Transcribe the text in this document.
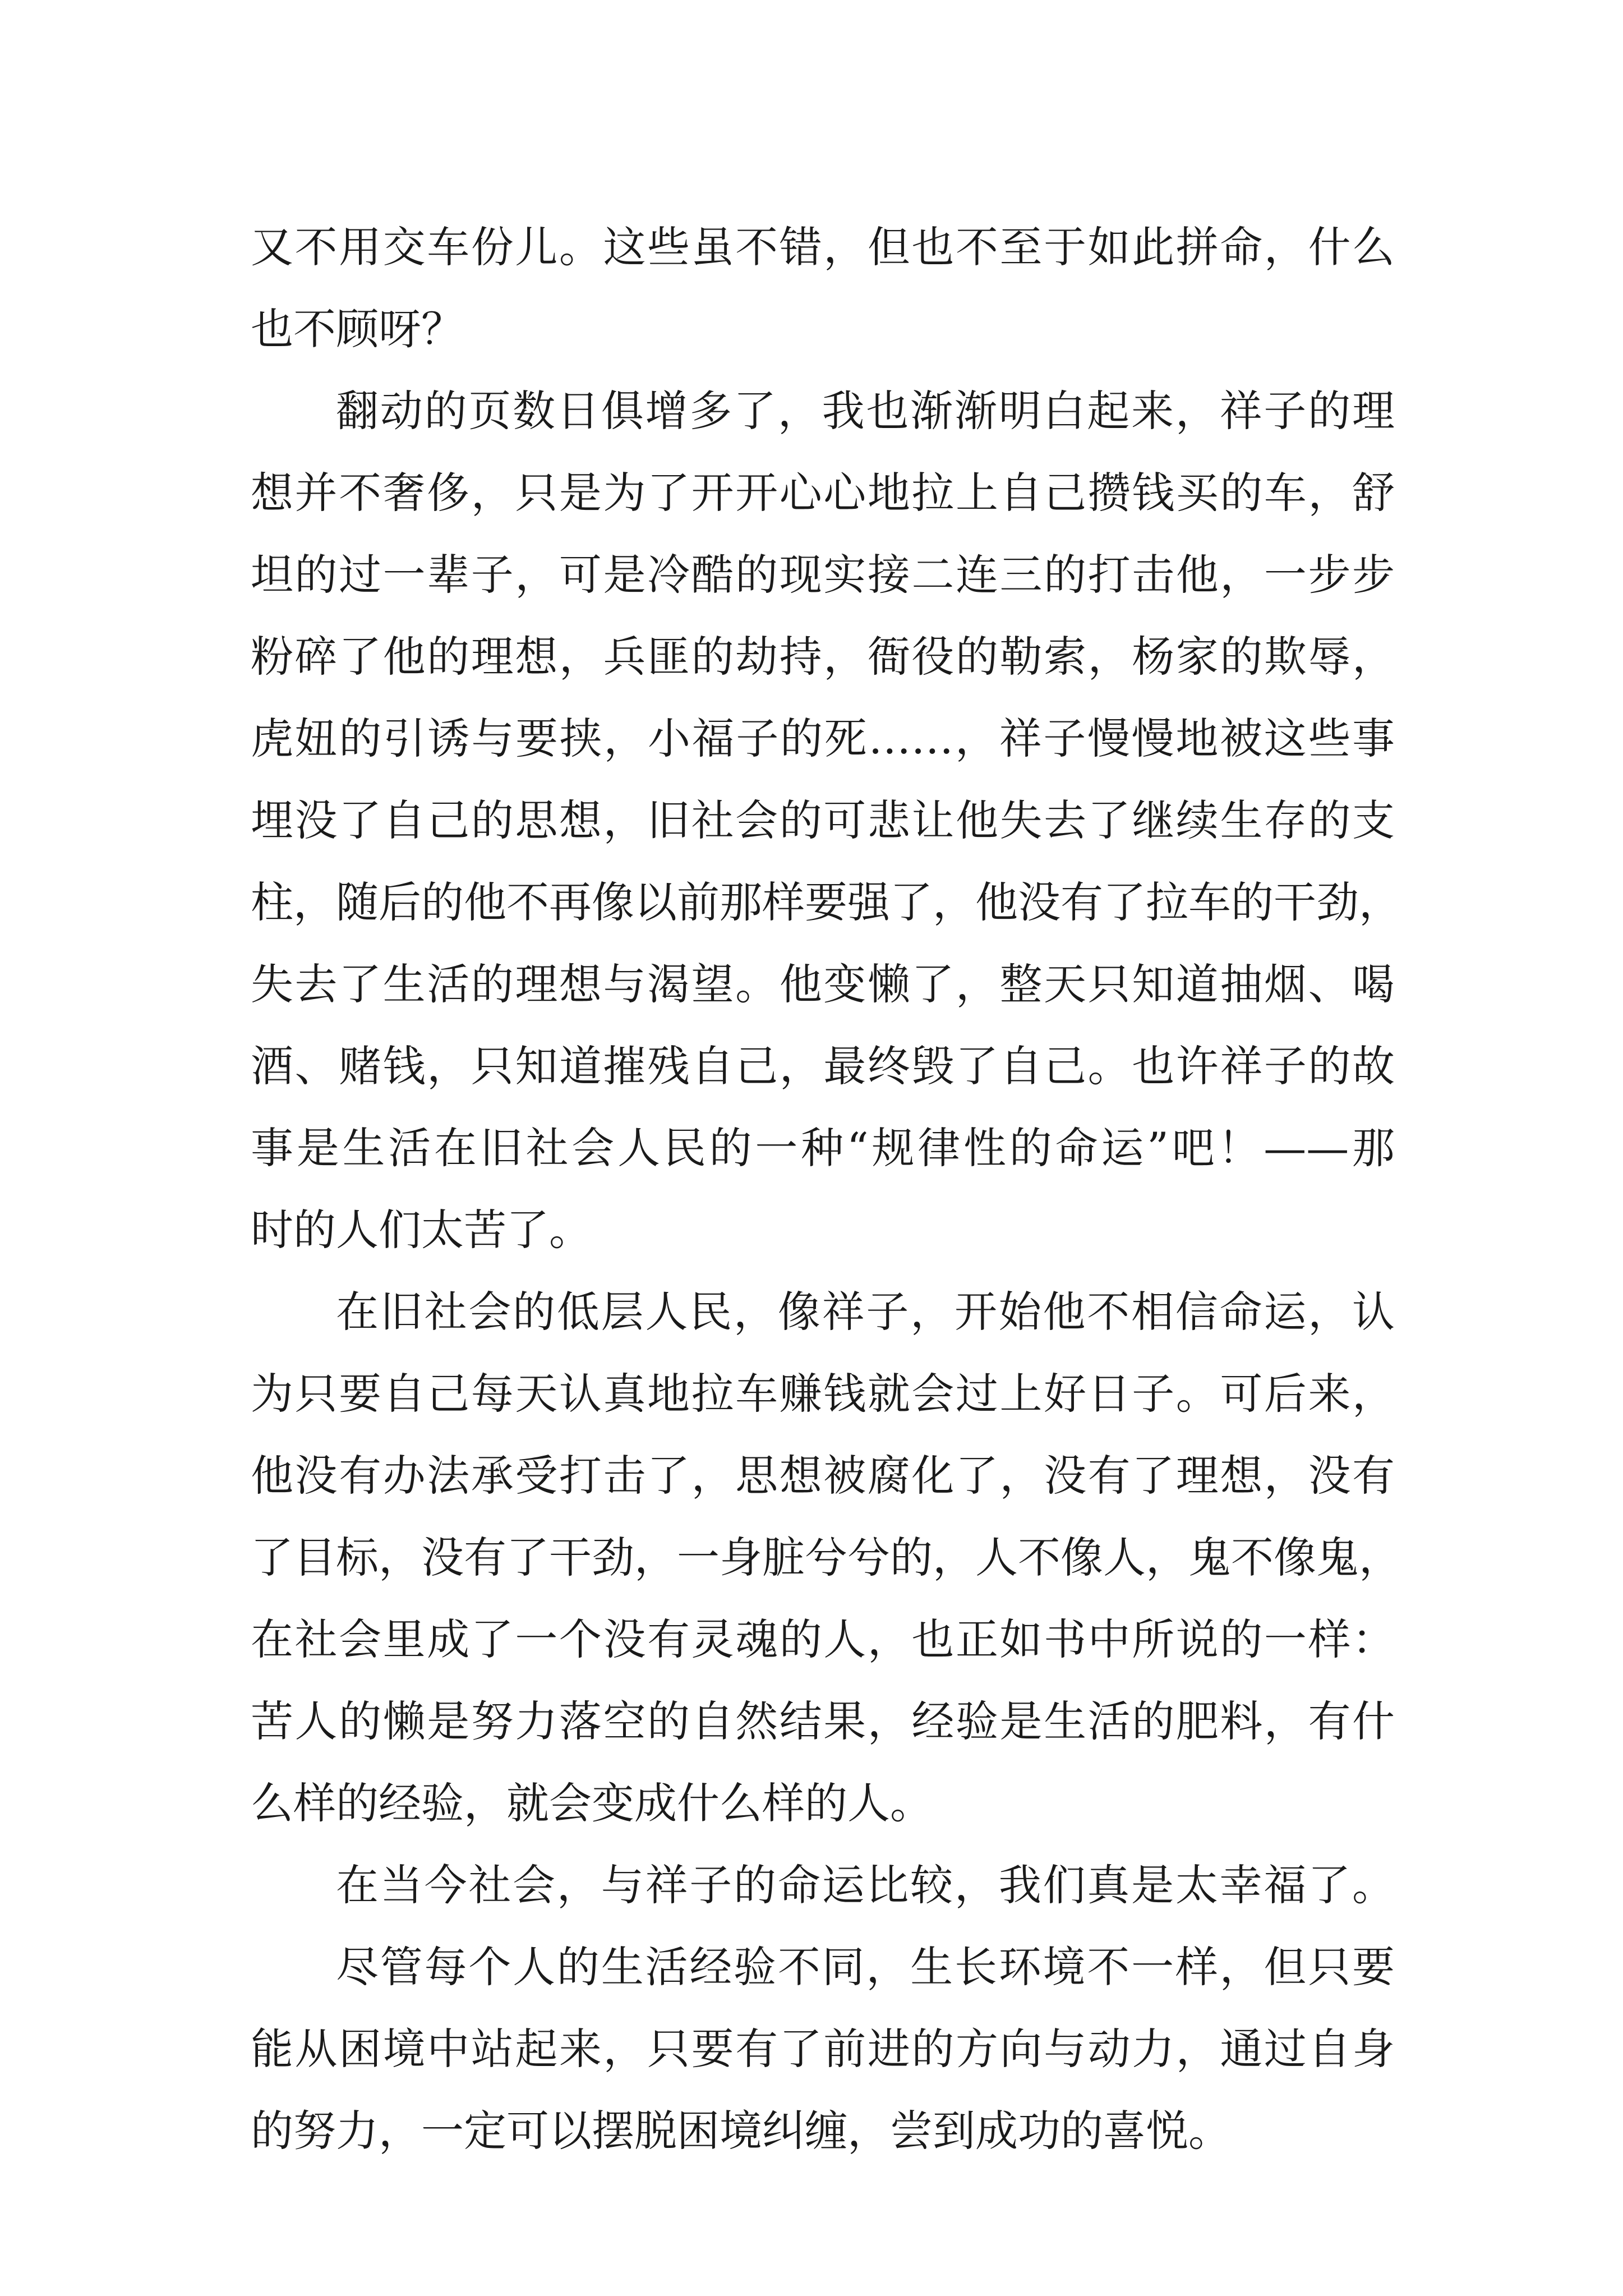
又不用交车份儿。这些虽不错，但也不至于如此拼命，什么
也不顾呀？
翻动的页数日俱增多了，我也渐渐明白起来，祥子的理
想并不奢侈，只是为了开开心心地拉上自己攒钱买的车，舒
坦的过一辈子，可是冷酷的现实接二连三的打击他，一步步
粉碎了他的理想，兵匪的劫持，衙役的勒索，杨家的欺辱，
虎妞的引诱与要挟，小福子的死……，祥子慢慢地被这些事
埋没了自己的思想，旧社会的可悲让他失去了继续生存的支
柱，随后的他不再像以前那样要强了，他没有了拉车的干劲，
失去了生活的理想与渴望。他变懒了，整天只知道抽烟、喝
酒、赌钱，只知道摧残自己，最终毁了自己。也许祥子的故
事是生活在旧社会人民的一种“规律性的命运”吧！——那
时的人们太苦了。
在旧社会的低层人民，像祥子，开始他不相信命运，认
为只要自己每天认真地拉车赚钱就会过上好日子。可后来，
他没有办法承受打击了，思想被腐化了，没有了理想，没有
了目标，没有了干劲，一身脏兮兮的，人不像人，鬼不像鬼，
在社会里成了一个没有灵魂的人，也正如书中所说的一样：
苦人的懒是努力落空的自然结果，经验是生活的肥料，有什
么样的经验，就会变成什么样的人。
在当今社会，与祥子的命运比较，我们真是太幸福了。
尽管每个人的生活经验不同，生长环境不一样，但只要
能从困境中站起来，只要有了前进的方向与动力，通过自身
的努力，一定可以摆脱困境纠缠，尝到成功的喜悦。
